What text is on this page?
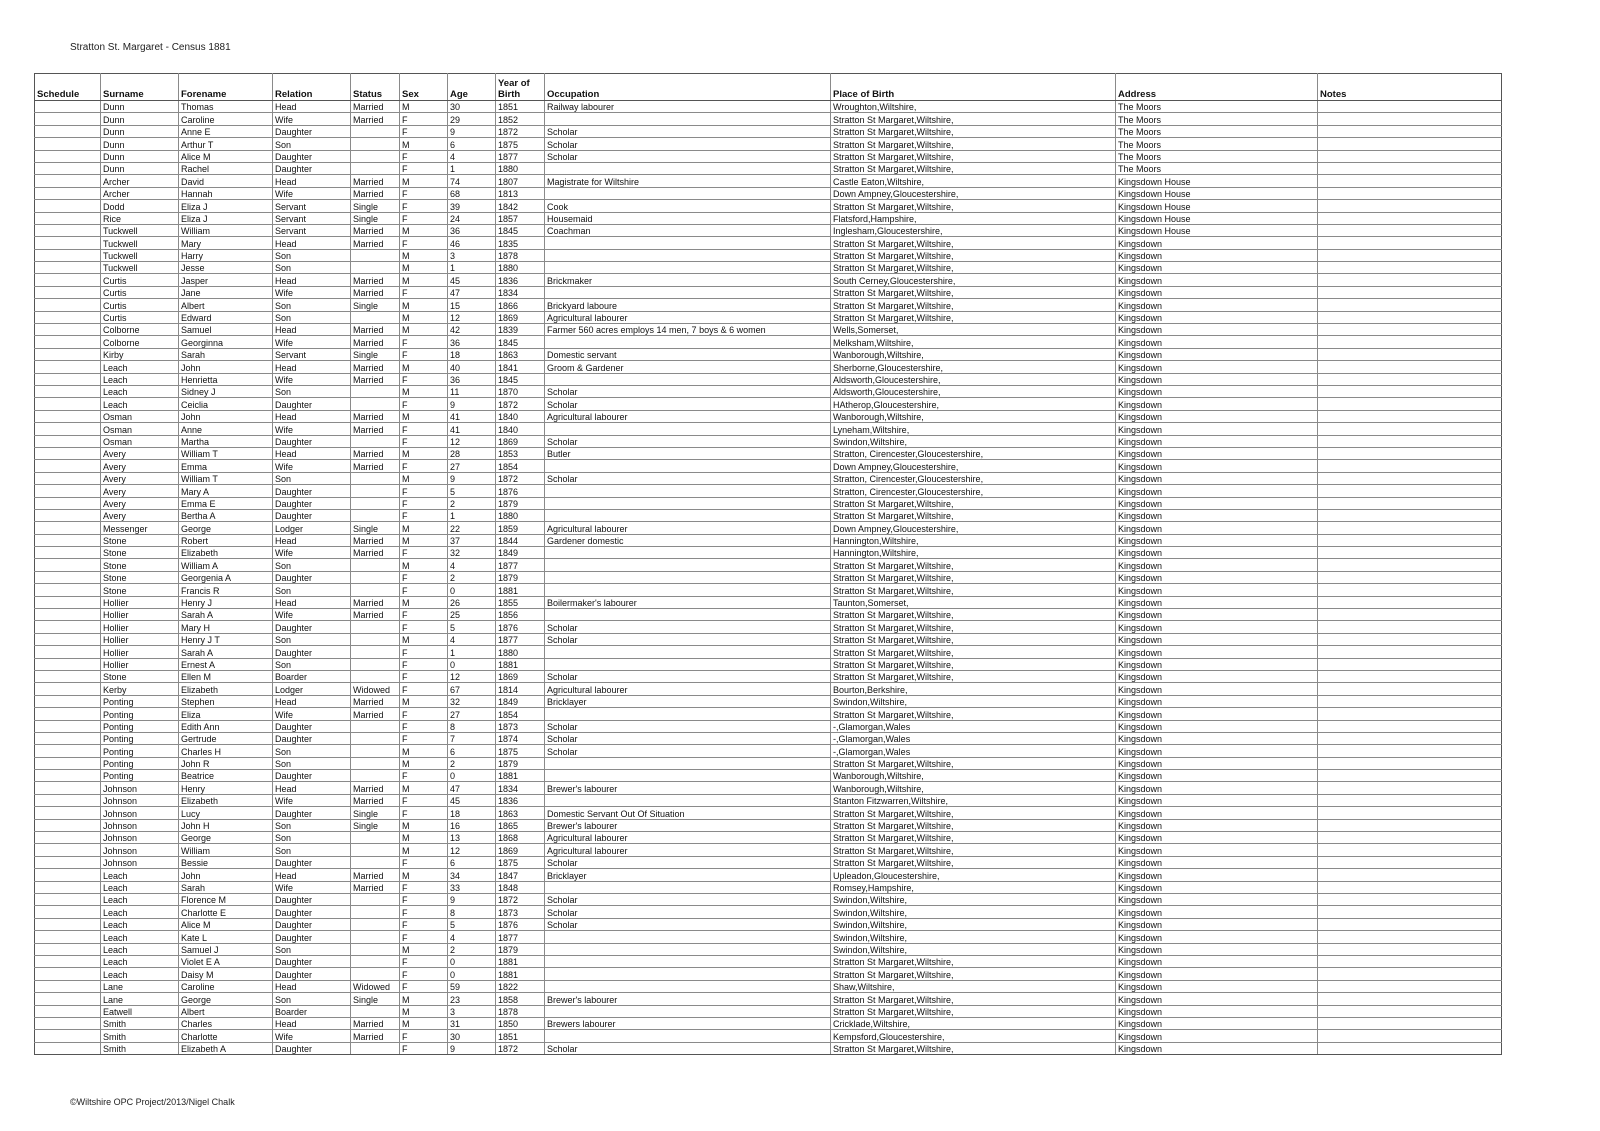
Stratton St. Margaret - Census 1881
Schedule	Surname	Forename	Relation	Status	Sex	Age	Year of Birth	Occupation	Place of Birth	Address	Notes
	Dunn	Thomas	Head	Married	M	30	1851	Railway labourer	Wroughton,Wiltshire,	The Moors	
	Dunn	Caroline	Wife	Married	F	29	1852		Stratton St Margaret,Wiltshire,	The Moors	
	Dunn	Anne E	Daughter		F	9	1872	Scholar	Stratton St Margaret,Wiltshire,	The Moors	
	Dunn	Arthur T	Son		M	6	1875	Scholar	Stratton St Margaret,Wiltshire,	The Moors	
	Dunn	Alice M	Daughter		F	4	1877	Scholar	Stratton St Margaret,Wiltshire,	The Moors	
	Dunn	Rachel	Daughter		F	1	1880		Stratton St Margaret,Wiltshire,	The Moors	
	Archer	David	Head	Married	M	74	1807	Magistrate for Wiltshire	Castle Eaton,Wiltshire,	Kingsdown House	
	Archer	Hannah	Wife	Married	F	68	1813		Down Ampney,Gloucestershire,	Kingsdown House	
	Dodd	Eliza J	Servant	Single	F	39	1842	Cook	Stratton St Margaret,Wiltshire,	Kingsdown House	
	Rice	Eliza J	Servant	Single	F	24	1857	Housemaid	Flatsford,Hampshire,	Kingsdown House	
	Tuckwell	William	Servant	Married	M	36	1845	Coachman	Inglesham,Gloucestershire,	Kingsdown House	
	Tuckwell	Mary	Head	Married	F	46	1835		Stratton St Margaret,Wiltshire,	Kingsdown	
	Tuckwell	Harry	Son		M	3	1878		Stratton St Margaret,Wiltshire,	Kingsdown	
	Tuckwell	Jesse	Son		M	1	1880		Stratton St Margaret,Wiltshire,	Kingsdown	
	Curtis	Jasper	Head	Married	M	45	1836	Brickmaker	South Cerney,Gloucestershire,	Kingsdown	
	Curtis	Jane	Wife	Married	F	47	1834		Stratton St Margaret,Wiltshire,	Kingsdown	
	Curtis	Albert	Son	Single	M	15	1866	Brickyard laboure	Stratton St Margaret,Wiltshire,	Kingsdown	
	Curtis	Edward	Son		M	12	1869	Agricultural labourer	Stratton St Margaret,Wiltshire,	Kingsdown	
	Colborne	Samuel	Head	Married	M	42	1839	Farmer 560 acres employs 14 men, 7 boys & 6 women	Wells,Somerset,	Kingsdown	
	Colborne	Georginna	Wife	Married	F	36	1845		Melksham,Wiltshire,	Kingsdown	
	Kirby	Sarah	Servant	Single	F	18	1863	Domestic servant	Wanborough,Wiltshire,	Kingsdown	
	Leach	John	Head	Married	M	40	1841	Groom & Gardener	Sherborne,Gloucestershire,	Kingsdown	
	Leach	Henrietta	Wife	Married	F	36	1845		Aldsworth,Gloucestershire,	Kingsdown	
	Leach	Sidney J	Son		M	11	1870	Scholar	Aldsworth,Gloucestershire,	Kingsdown	
	Leach	Ceiclia	Daughter		F	9	1872	Scholar	HAtherop,Gloucestershire,	Kingsdown	
	Osman	John	Head	Married	M	41	1840	Agricultural labourer	Wanborough,Wiltshire,	Kingsdown	
	Osman	Anne	Wife	Married	F	41	1840		Lyneham,Wiltshire,	Kingsdown	
	Osman	Martha	Daughter		F	12	1869	Scholar	Swindon,Wiltshire,	Kingsdown	
	Avery	William T	Head	Married	M	28	1853	Butler	Stratton, Cirencester,Gloucestershire,	Kingsdown	
	Avery	Emma	Wife	Married	F	27	1854		Down Ampney,Gloucestershire,	Kingsdown	
	Avery	William T	Son		M	9	1872	Scholar	Stratton, Cirencester,Gloucestershire,	Kingsdown	
	Avery	Mary A	Daughter		F	5	1876		Stratton, Cirencester,Gloucestershire,	Kingsdown	
	Avery	Emma E	Daughter		F	2	1879		Stratton St Margaret,Wiltshire,	Kingsdown	
	Avery	Bertha A	Daughter		F	1	1880		Stratton St Margaret,Wiltshire,	Kingsdown	
	Messenger	George	Lodger	Single	M	22	1859	Agricultural labourer	Down Ampney,Gloucestershire,	Kingsdown	
	Stone	Robert	Head	Married	M	37	1844	Gardener domestic	Hannington,Wiltshire,	Kingsdown	
	Stone	Elizabeth	Wife	Married	F	32	1849		Hannington,Wiltshire,	Kingsdown	
	Stone	William A	Son		M	4	1877		Stratton St Margaret,Wiltshire,	Kingsdown	
	Stone	Georgenia A	Daughter		F	2	1879		Stratton St Margaret,Wiltshire,	Kingsdown	
	Stone	Francis R	Son		F	0	1881		Stratton St Margaret,Wiltshire,	Kingsdown	
	Hollier	Henry J	Head	Married	M	26	1855	Boilermaker's labourer	Taunton,Somerset,	Kingsdown	
	Hollier	Sarah A	Wife	Married	F	25	1856		Stratton St Margaret,Wiltshire,	Kingsdown	
	Hollier	Mary H	Daughter		F	5	1876	Scholar	Stratton St Margaret,Wiltshire,	Kingsdown	
	Hollier	Henry J T	Son		M	4	1877	Scholar	Stratton St Margaret,Wiltshire,	Kingsdown	
	Hollier	Sarah A	Daughter		F	1	1880		Stratton St Margaret,Wiltshire,	Kingsdown	
	Hollier	Ernest A	Son		F	0	1881		Stratton St Margaret,Wiltshire,	Kingsdown	
	Stone	Ellen M	Boarder		F	12	1869	Scholar	Stratton St Margaret,Wiltshire,	Kingsdown	
	Kerby	Elizabeth	Lodger	Widowed	F	67	1814	Agricultural labourer	Bourton,Berkshire,	Kingsdown	
	Ponting	Stephen	Head	Married	M	32	1849	Bricklayer	Swindon,Wiltshire,	Kingsdown	
	Ponting	Eliza	Wife	Married	F	27	1854		Stratton St Margaret,Wiltshire,	Kingsdown	
	Ponting	Edith Ann	Daughter		F	8	1873	Scholar	-,Glamorgan,Wales	Kingsdown	
	Ponting	Gertrude	Daughter		F	7	1874	Scholar	-,Glamorgan,Wales	Kingsdown	
	Ponting	Charles H	Son		M	6	1875	Scholar	-,Glamorgan,Wales	Kingsdown	
	Ponting	John R	Son		M	2	1879		Stratton St Margaret,Wiltshire,	Kingsdown	
	Ponting	Beatrice	Daughter		F	0	1881		Wanborough,Wiltshire,	Kingsdown	
	Johnson	Henry	Head	Married	M	47	1834	Brewer's labourer	Wanborough,Wiltshire,	Kingsdown	
	Johnson	Elizabeth	Wife	Married	F	45	1836		Stanton Fitzwarren,Wiltshire,	Kingsdown	
	Johnson	Lucy	Daughter	Single	F	18	1863	Domestic Servant Out Of Situation	Stratton St Margaret,Wiltshire,	Kingsdown	
	Johnson	John H	Son	Single	M	16	1865	Brewer's labourer	Stratton St Margaret,Wiltshire,	Kingsdown	
	Johnson	George	Son		M	13	1868	Agricultural labourer	Stratton St Margaret,Wiltshire,	Kingsdown	
	Johnson	William	Son		M	12	1869	Agricultural labourer	Stratton St Margaret,Wiltshire,	Kingsdown	
	Johnson	Bessie	Daughter		F	6	1875	Scholar	Stratton St Margaret,Wiltshire,	Kingsdown	
	Leach	John	Head	Married	M	34	1847	Bricklayer	Upleadon,Gloucestershire,	Kingsdown	
	Leach	Sarah	Wife	Married	F	33	1848		Romsey,Hampshire,	Kingsdown	
	Leach	Florence M	Daughter		F	9	1872	Scholar	Swindon,Wiltshire,	Kingsdown	
	Leach	Charlotte E	Daughter		F	8	1873	Scholar	Swindon,Wiltshire,	Kingsdown	
	Leach	Alice M	Daughter		F	5	1876	Scholar	Swindon,Wiltshire,	Kingsdown	
	Leach	Kate L	Daughter		F	4	1877		Swindon,Wiltshire,	Kingsdown	
	Leach	Samuel J	Son		M	2	1879		Swindon,Wiltshire,	Kingsdown	
	Leach	Violet E A	Daughter		F	0	1881		Stratton St Margaret,Wiltshire,	Kingsdown	
	Leach	Daisy M	Daughter		F	0	1881		Stratton St Margaret,Wiltshire,	Kingsdown	
	Lane	Caroline	Head	Widowed	F	59	1822		Shaw,Wiltshire,	Kingsdown	
	Lane	George	Son	Single	M	23	1858	Brewer's labourer	Stratton St Margaret,Wiltshire,	Kingsdown	
	Eatwell	Albert	Boarder		M	3	1878		Stratton St Margaret,Wiltshire,	Kingsdown	
	Smith	Charles	Head	Married	M	31	1850	Brewers labourer	Cricklade,Wiltshire,	Kingsdown	
	Smith	Charlotte	Wife	Married	F	30	1851		Kempsford,Gloucestershire,	Kingsdown	
	Smith	Elizabeth A	Daughter		F	9	1872	Scholar	Stratton St Margaret,Wiltshire,	Kingsdown	
©Wiltshire OPC Project/2013/Nigel Chalk
